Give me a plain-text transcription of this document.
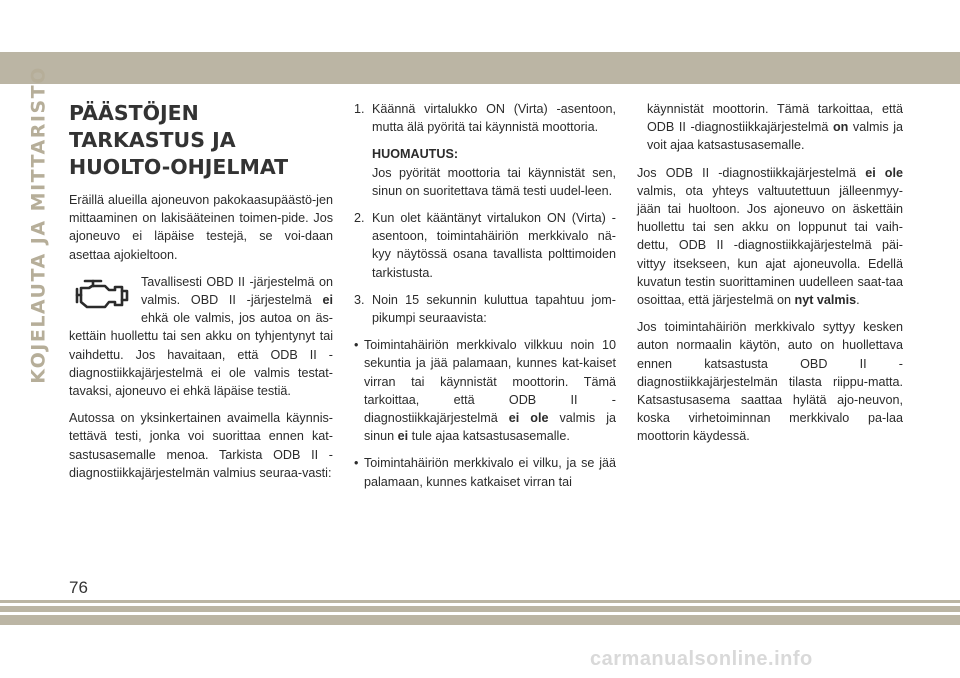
KOJELAUTA JA MITTARISTO PÄÄSTÖJEN TARKASTUS JA HUOLTO-OHJELMAT

Eräillä alueilla ajoneuvon pakokaasupäästö-jen mittaaminen on lakisääteinen toimen-pide. Jos ajoneuvo ei läpäise testejä, se voi-daan asettaa ajokieltoon.

Tavallisesti OBD II -järjestelmä on valmis. OBD II -järjestelmä ei ehkä ole valmis, jos autoa on äs-kettäin huollettu tai sen akku on tyhjentynyt tai vaihdettu. Jos havaitaan, että ODB II -diagnostiikkajärjestelmä ei ole valmis testat-tavaksi, ajoneuvo ei ehkä läpäise testiä.

Autossa on yksinkertainen avaimella käynnis-tettävä testi, jonka voi suorittaa ennen kat-sastusasemalle menoa. Tarkista ODB II -diagnostiikkajärjestelmän valmius seuraa-vasti:

1. Käännä virtalukko ON (Virta) -asentoon, mutta älä pyöritä tai käynnistä moottoria.
HUOMAUTUS:
Jos pyörität moottoria tai käynnistät sen, sinun on suoritettava tämä testi uudel-leen.
2. Kun olet kääntänyt virtalukon ON (Virta) -asentoon, toimintahäiriön merkkivalo nä-kyy näytössä osana tavallista polttimoiden tarkistusta.
3. Noin 15 sekunnin kuluttua tapahtuu jom-pikumpi seuraavista:
• Toimintahäiriön merkkivalo vilkkuu noin 10 sekuntia ja jää palamaan, kunnes kat-kaiset virran tai käynnistät moottorin. Tämä tarkoittaa, että ODB II -diagnostiikkajärjestelmä ei ole valmis ja sinun ei tule ajaa katsastusasemalle.
• Toimintahäiriön merkkivalo ei vilku, ja se jää palamaan, kunnes katkaiset virran tai
käynnistät moottorin. Tämä tarkoittaa, että ODB II -diagnostiikkajärjestelmä on valmis ja voit ajaa katsastusasemalle.

Jos ODB II -diagnostiikkajärjestelmä ei ole valmis, ota yhteys valtuutettuun jälleenmyy-jään tai huoltoon. Jos ajoneuvo on äskettäin huollettu tai sen akku on loppunut tai vaih-dettu, ODB II -diagnostiikkajärjestelmä päi-vittyy itsekseen, kun ajat ajoneuvolla. Edellä kuvatun testin suorittaminen uudelleen saat-taa osoittaa, että järjestelmä on nyt valmis.

Jos toimintahäiriön merkkivalo syttyy kesken auton normaalin käytön, auto on huollettava ennen katsastusta OBD II -diagnostiikkajärjestelmän tilasta riippu-matta. Katsastusasema saattaa hylätä ajo-neuvon, koska virhetoiminnan merkkivalo pa-laa moottorin käydessä.

76
carmanualsonline.info
